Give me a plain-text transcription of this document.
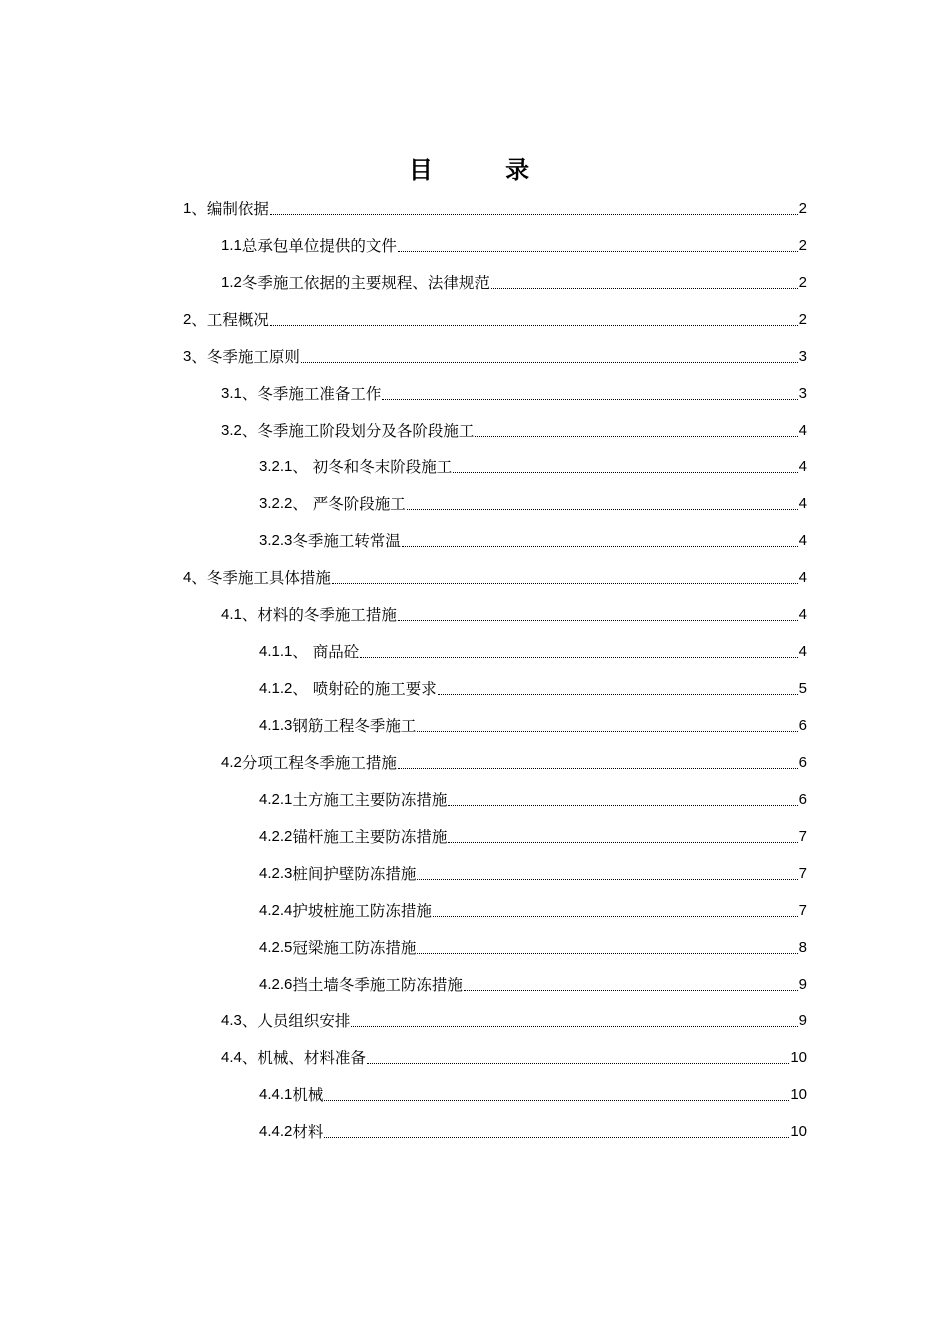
目 录
1 、编制依据	2
1.1 总承包单位提供的文件	2
1.2 冬季施工依据的主要规程、法律规范	2
2 、工程概况	2
3 、冬季施工原则	3
3.1 、冬季施工准备工作	3
3.2 、冬季施工阶段划分及各阶段施工	4
3.2.1 、 初冬和冬末阶段施工	4
3.2.2 、 严冬阶段施工	4
3.2.3 冬季施工转常温	4
4 、冬季施工具体措施	4
4.1 、材料的冬季施工措施	4
4.1.1 、 商品砼	4
4.1.2 、 喷射砼的施工要求	5
4.1.3 钢筋工程冬季施工	6
4.2 分项工程冬季施工措施	6
4.2.1 土方施工主要防冻措施	6
4.2.2 锚杆施工主要防冻措施	7
4.2.3 桩间护壁防冻措施	7
4.2.4 护坡桩施工防冻措施	7
4.2.5 冠梁施工防冻措施	8
4.2.6 挡土墙冬季施工防冻措施	9
4.3 、人员组织安排	9
4.4 、机械、材料准备	10
4.4.1 机械	10
4.4.2 材料	10
